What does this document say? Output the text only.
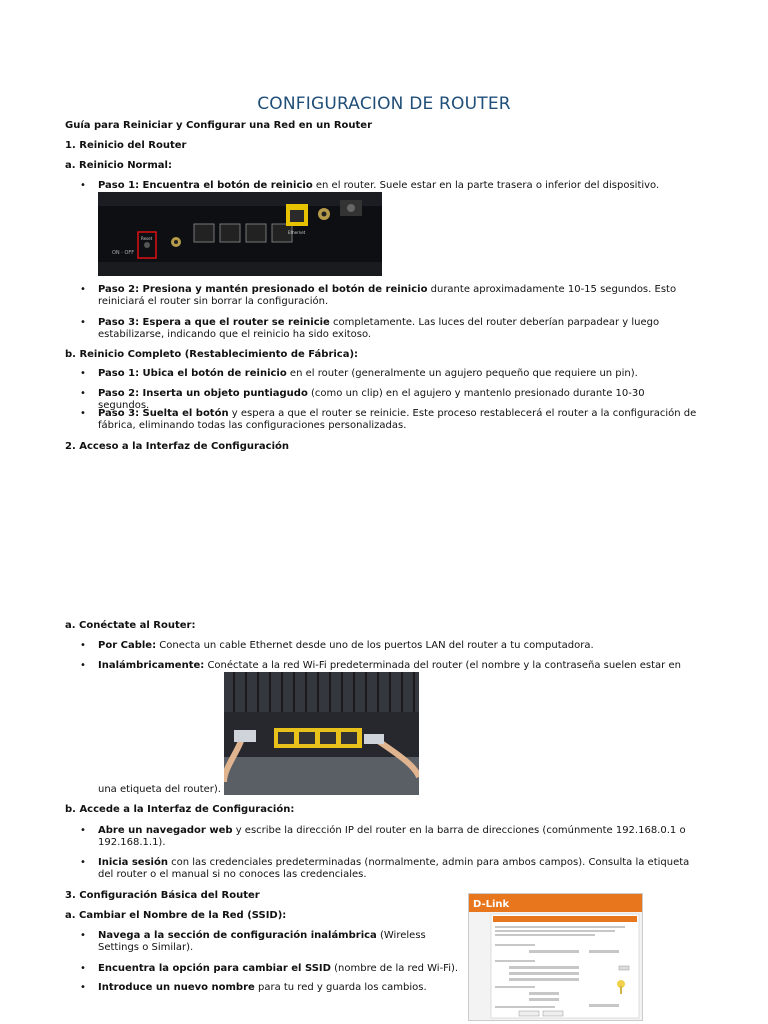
CONFIGURACION DE ROUTER
Guía para Reiniciar y Configurar una Red en un Router
1. Reinicio del Router
a. Reinicio Normal:
• Paso 1: Encuentra el botón de reinicio en el router. Suele estar en la parte trasera o inferior del dispositivo.
ON · OFF
Reset
Ethernet
• Paso 2: Presiona y mantén presionado el botón de reinicio durante aproximadamente 10-15 segundos. Esto reiniciará el router sin borrar la configuración.
• Paso 3: Espera a que el router se reinicie completamente. Las luces del router deberían parpadear y luego estabilizarse, indicando que el reinicio ha sido exitoso.
b. Reinicio Completo (Restablecimiento de Fábrica):
• Paso 1: Ubica el botón de reinicio en el router (generalmente un agujero pequeño que requiere un pin).
• Paso 2: Inserta un objeto puntiagudo (como un clip) en el agujero y mantenlo presionado durante 10-30 segundos.
• Paso 3: Suelta el botón y espera a que el router se reinicie. Este proceso restablecerá el router a la configuración de fábrica, eliminando todas las configuraciones personalizadas.
2. Acceso a la Interfaz de Configuración
a. Conéctate al Router:
• Por Cable: Conecta un cable Ethernet desde uno de los puertos LAN del router a tu computadora.
• Inalámbricamente: Conéctate a la red Wi-Fi predeterminada del router (el nombre y la contraseña suelen estar en
una etiqueta del router).
b. Accede a la Interfaz de Configuración:
• Abre un navegador web y escribe la dirección IP del router en la barra de direcciones (comúnmente 192.168.0.1 o 192.168.1.1).
• Inicia sesión con las credenciales predeterminadas (normalmente, admin para ambos campos). Consulta la etiqueta del router o el manual si no conoces las credenciales.
3. Configuración Básica del Router
a. Cambiar el Nombre de la Red (SSID):
• Navega a la sección de configuración inalámbrica (Wireless Settings o Similar).
• Encuentra la opción para cambiar el SSID (nombre de la red Wi-Fi).
• Introduce un nuevo nombre para tu red y guarda los cambios.
D-Link
